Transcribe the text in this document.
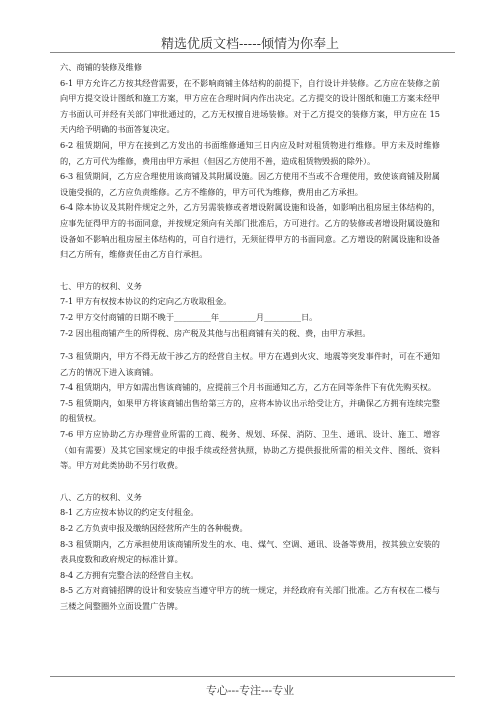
精选优质文档-----倾情为你奉上

六、商铺的装修及维修

6-1 甲方允许乙方按其经营需要，在不影响商铺主体结构的前提下，自行设计并装修。乙方应在装修之前向甲方提交设计图纸和施工方案，甲方应在合理时间内作出决定。乙方提交的设计图纸和施工方案未经甲方书面认可并经有关部门审批通过的，乙方无权擅自进场装修。对于乙方提交的装修方案，甲方应在 15 天内给予明确的书面答复决定。

6-2 租赁期间，甲方在接到乙方发出的书面维修通知三日内应及时对租赁物进行维修。甲方未及时维修的，乙方可代为维修，费用由甲方承担（但因乙方使用不善，造成租赁物毁损的除外）。

6-3 租赁期间，乙方应合理使用该商铺及其附属设施。因乙方使用不当或不合理使用，致使该商铺及附属设施受损的，乙方应负责维修。乙方不维修的，甲方可代为维修，费用由乙方承担。

6-4 除本协议及其附件规定之外，乙方另需装修或者增设附属设施和设备，如影响出租房屋主体结构的，应事先征得甲方的书面同意，并按规定须向有关部门批准后，方可进行。乙方的装修或者增设附属设施和设备如不影响出租房屋主体结构的，可自行进行，无须征得甲方的书面同意。乙方增设的附属设施和设备归乙方所有，维修责任由乙方自行承担。

七、甲方的权利、义务

7-1 甲方有权按本协议的约定向乙方收取租金。

7-2 甲方交付商铺的日期不晚于_________年_________月_________日。

7-2 因出租商铺产生的所得税、房产税及其他与出租商铺有关的税、费，由甲方承担。

7-3 租赁期内，甲方不得无故干涉乙方的经营自主权。甲方在遇到火灾、地震等突发事件时，可在不通知乙方的情况下进入该商铺。

7-4 租赁期内，甲方如需出售该商铺的，应提前三个月书面通知乙方，乙方在同等条件下有优先购买权。

7-5 租赁期内，如果甲方将该商铺出售给第三方的，应将本协议出示给受让方，并确保乙方拥有连续完整的租赁权。

7-6 甲方应协助乙方办理营业所需的工商、税务、规划、环保、消防、卫生、通讯、设计、施工、增容（如有需要）及其它国家规定的申报手续或经营执照，协助乙方提供报批所需的相关文件、图纸、资料等。甲方对此类协助不另行收费。

八、乙方的权利、义务

8-1 乙方应按本协议的约定支付租金。

8-2 乙方负责申报及缴纳因经营所产生的各种税费。

8-3 租赁期内，乙方承担使用该商铺所发生的水、电、煤气、空调、通讯、设备等费用，按其独立安装的表具度数和政府规定的标准计算。

8-4 乙方拥有完整合法的经营自主权。

8-5 乙方对商铺招牌的设计和安装应当遵守甲方的统一规定，并经政府有关部门批准。乙方有权在二楼与三楼之间整圈外立面设置广告牌。

专心---专注---专业
